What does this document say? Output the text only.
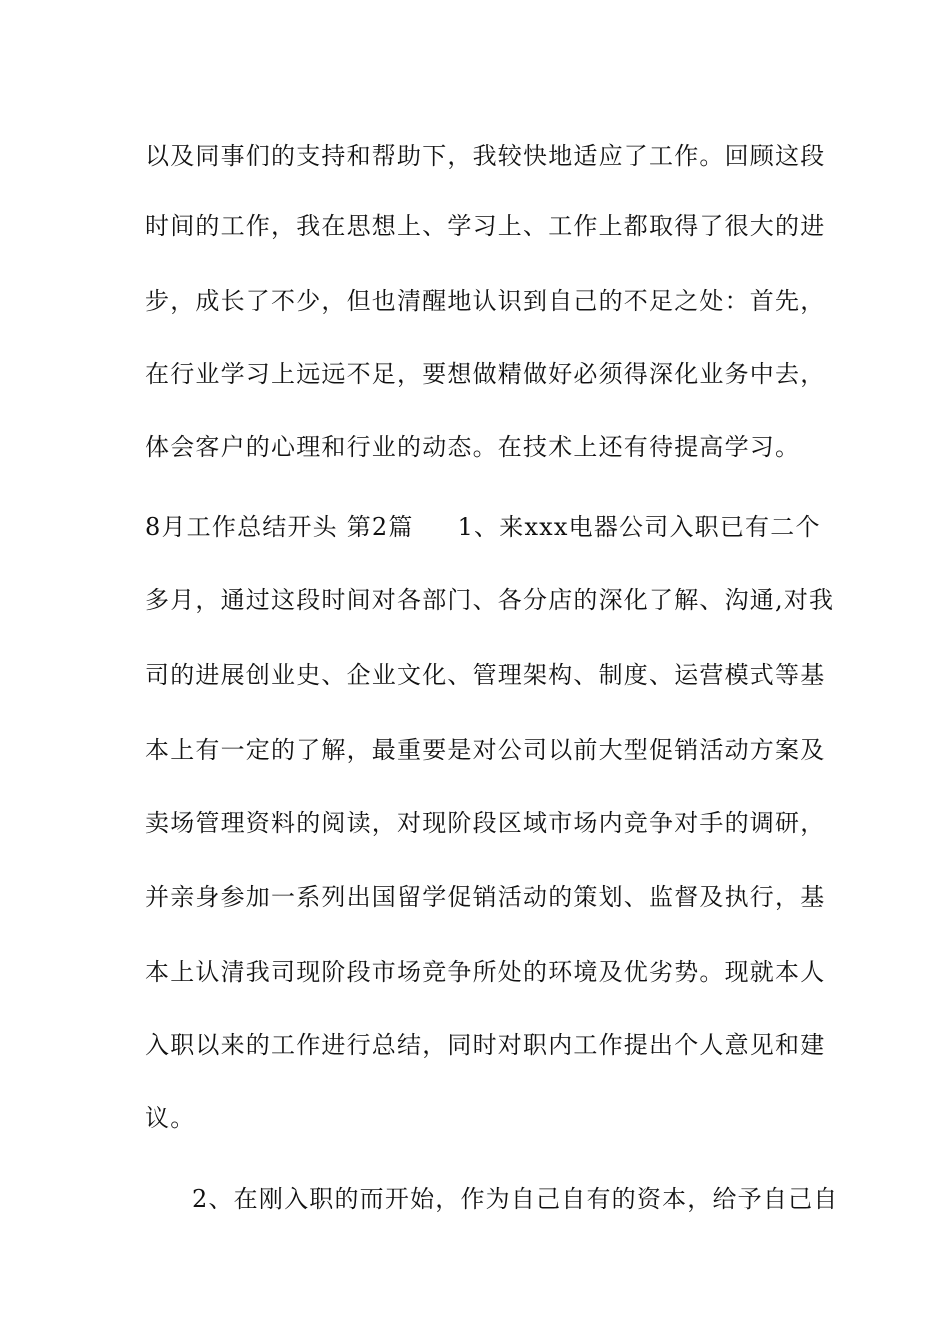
以及同事们的支持和帮助下，我较快地适应了工作。回顾这段
时间的工作，我在思想上、学习上、工作上都取得了很大的进
步，成长了不少，但也清醒地认识到自己的不足之处：首先，
在行业学习上远远不足，要想做精做好必须得深化业务中去，
体会客户的心理和行业的动态。在技术上还有待提高学习。
8月工作总结开头 第2篇 1、来xxx电器公司入职已有二个
多月，通过这段时间对各部门、各分店的深化了解、沟通,对我
司的进展创业史、企业文化、管理架构、制度、运营模式等基
本上有一定的了解，最重要是对公司以前大型促销活动方案及
卖场管理资料的阅读，对现阶段区域市场内竞争对手的调研，
并亲身参加一系列出国留学促销活动的策划、监督及执行，基
本上认清我司现阶段市场竞争所处的环境及优劣势。现就本人
入职以来的工作进行总结，同时对职内工作提出个人意见和建
议。
2、在刚入职的而开始，作为自己自有的资本，给予自己自
